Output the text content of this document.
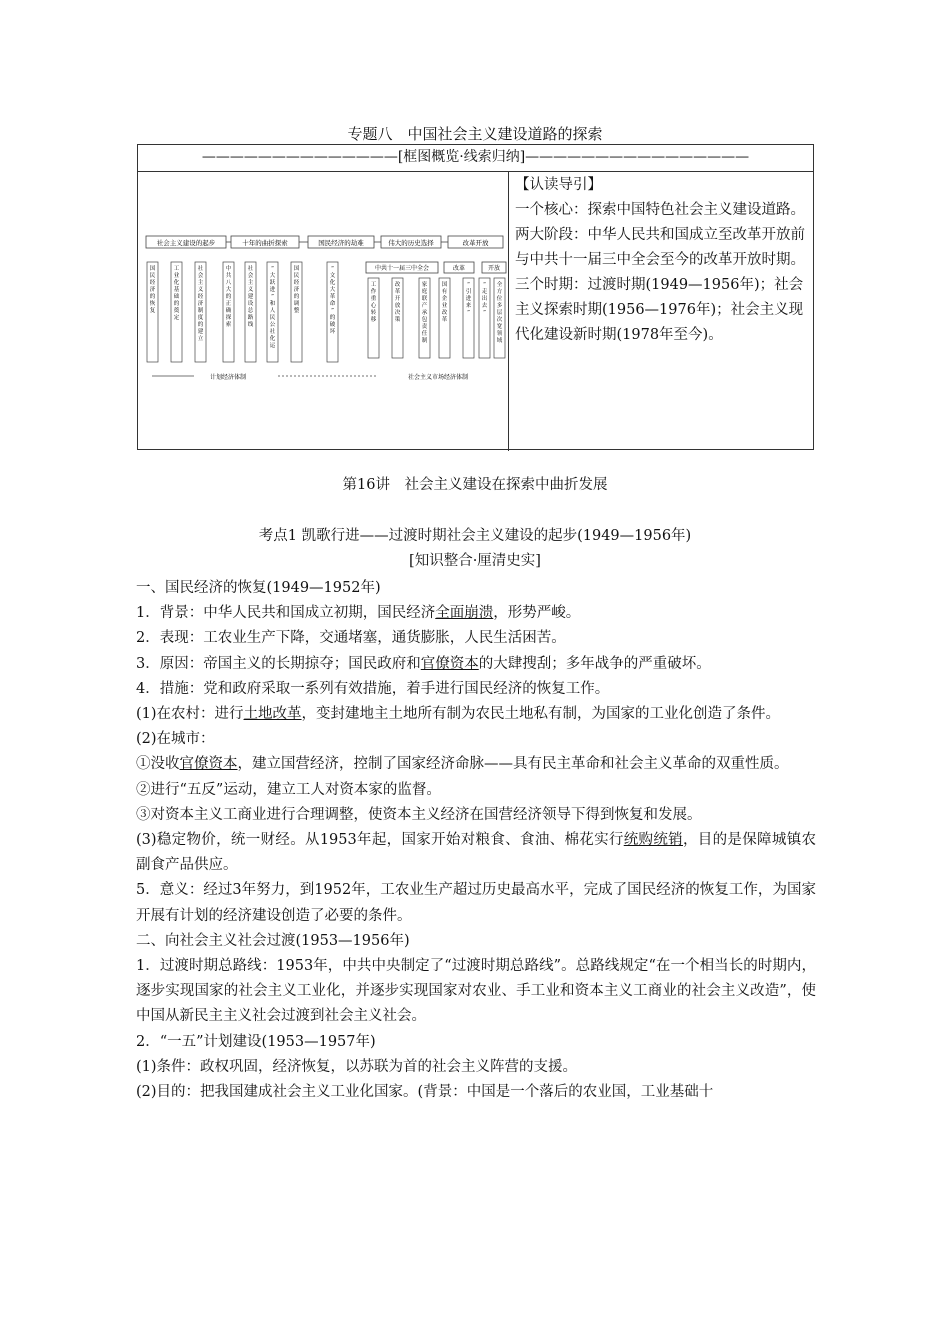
专题八　中国社会主义建设道路的探索
——————————————[框图概览·线索归纳]————————————————
社会主义建设的起步	十年的曲折探索	国民经济的劫难	伟大的历史选择	改革开放
中共十一届三中全会	改革	开放
国
民
经
济
的
恢
复
工
业
化
基
础
的
奠
定
社
会
主
义
经
济
制
度
的
建
立
中
共
八
大
的
正
确
探
索
社
会
主
义
建
设
总
路
线
“
大
跃
进
”
和
人
民
公
社
化
运
国
民
经
济
的
调
整
“
文
化
大
革
命
”
的
破
坏
工
作
重
心
转
移
改
革
开
放
决
策
家
庭
联
产
承
包
责
任
制
国
有
企
业
改
革
“
引
进
来
”
“
走
出
去
”
全
方
位
多
层
次
宽
领
域
计划经济体制	社会主义市场经济体制

【认读导引】

一个核心：探索中国特色社会主义建设道路。

两大阶段：中华人民共和国成立至改革开放前与中共十一届三中全会至今的改革开放时期。

三个时期：过渡时期(1949—1956年)；社会主义探索时期(1956—1976年)；社会主义现代化建设新时期(1978年至今)。

第16讲　社会主义建设在探索中曲折发展
考点1 凯歌行进——过渡时期社会主义建设的起步(1949—1956年)
[知识整合·厘清史实]

一、国民经济的恢复(1949—1952年)

1．背景：中华人民共和国成立初期，国民经济全面崩溃，形势严峻。

2．表现：工农业生产下降，交通堵塞，通货膨胀，人民生活困苦。

3．原因：帝国主义的长期掠夺；国民政府和官僚资本的大肆搜刮；多年战争的严重破坏。

4．措施：党和政府采取一系列有效措施，着手进行国民经济的恢复工作。

(1)在农村：进行土地改革，变封建地主土地所有制为农民土地私有制，为国家的工业化创造了条件。

(2)在城市：

①没收官僚资本，建立国营经济，控制了国家经济命脉——具有民主革命和社会主义革命的双重性质。

②进行“五反”运动，建立工人对资本家的监督。

③对资本主义工商业进行合理调整，使资本主义经济在国营经济领导下得到恢复和发展。

(3)稳定物价，统一财经。从1953年起，国家开始对粮食、食油、棉花实行统购统销，目的是保障城镇农副食产品供应。

5．意义：经过3年努力，到1952年，工农业生产超过历史最高水平，完成了国民经济的恢复工作，为国家开展有计划的经济建设创造了必要的条件。

二、向社会主义社会过渡(1953—1956年)

1．过渡时期总路线：1953年，中共中央制定了“过渡时期总路线”。总路线规定“在一个相当长的时期内，逐步实现国家的社会主义工业化，并逐步实现国家对农业、手工业和资本主义工商业的社会主义改造”，使中国从新民主主义社会过渡到社会主义社会。

2．“一五”计划建设(1953—1957年)

(1)条件：政权巩固，经济恢复，以苏联为首的社会主义阵营的支援。

(2)目的：把我国建成社会主义工业化国家。(背景：中国是一个落后的农业国，工业基础十
